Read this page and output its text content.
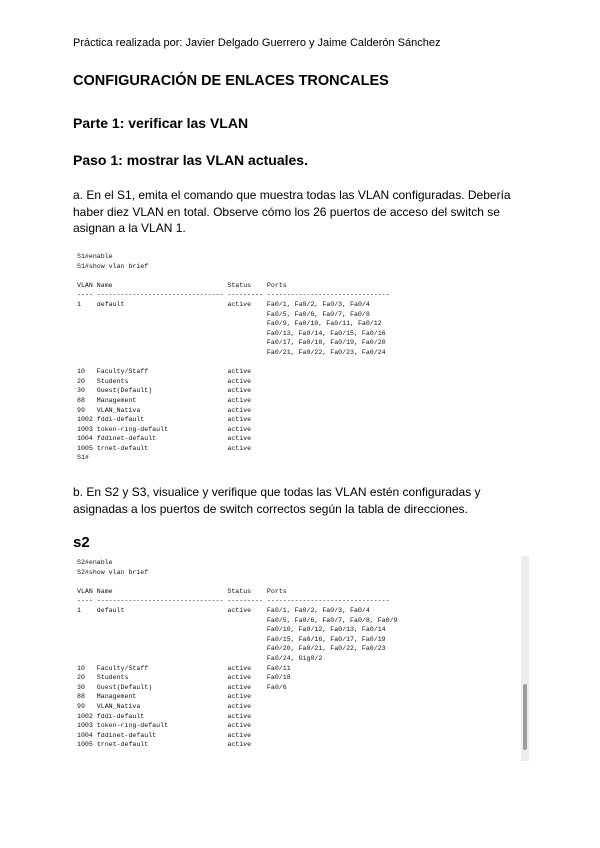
Práctica realizada por: Javier Delgado Guerrero y Jaime Calderón Sánchez
CONFIGURACIÓN DE ENLACES TRONCALES
Parte 1: verificar las VLAN
Paso 1: mostrar las VLAN actuales.
a. En el S1, emita el comando que muestra todas las VLAN configuradas. Debería haber diez VLAN en total. Observe cómo los 26 puertos de acceso del switch se asignan a la VLAN 1.
S1#enable
S1#show vlan brief

VLAN Name                             Status    Ports
---- -------------------------------- --------- -------------------------------
1    default                          active    Fa0/1, Fa0/2, Fa0/3, Fa0/4
Fa0/5, Fa0/6, Fa0/7, Fa0/8
Fa0/9, Fa0/10, Fa0/11, Fa0/12
Fa0/13, Fa0/14, Fa0/15, Fa0/16
Fa0/17, Fa0/18, Fa0/19, Fa0/20
Fa0/21, Fa0/22, Fa0/23, Fa0/24

10   Faculty/Staff                    active
20   Students                         active
30   Guest(Default)                   active
88   Management                       active
99   VLAN_Nativa                      active
1002 fddi-default                     active
1003 token-ring-default               active
1004 fddinet-default                  active
1005 trnet-default                    active
S1#
b. En S2 y S3, visualice y verifique que todas las VLAN estén configuradas y asignadas a los puertos de switch correctos según la tabla de direcciones.
s2
S2#enable
S2#show vlan brief

VLAN Name                             Status    Ports
---- -------------------------------- --------- -------------------------------
1    default                          active    Fa0/1, Fa0/2, Fa0/3, Fa0/4
Fa0/5, Fa0/6, Fa0/7, Fa0/8, Fa0/9
Fa0/10, Fa0/12, Fa0/13, Fa0/14
Fa0/15, Fa0/16, Fa0/17, Fa0/19
Fa0/20, Fa0/21, Fa0/22, Fa0/23
Fa0/24, Gig0/2
10   Faculty/Staff                    active    Fa0/11
20   Students                         active    Fa0/18
30   Guest(Default)                   active    Fa0/6
88   Management                       active
99   VLAN_Nativa                      active
1002 fddi-default                     active
1003 token-ring-default               active
1004 fddinet-default                  active
1005 trnet-default                    active
